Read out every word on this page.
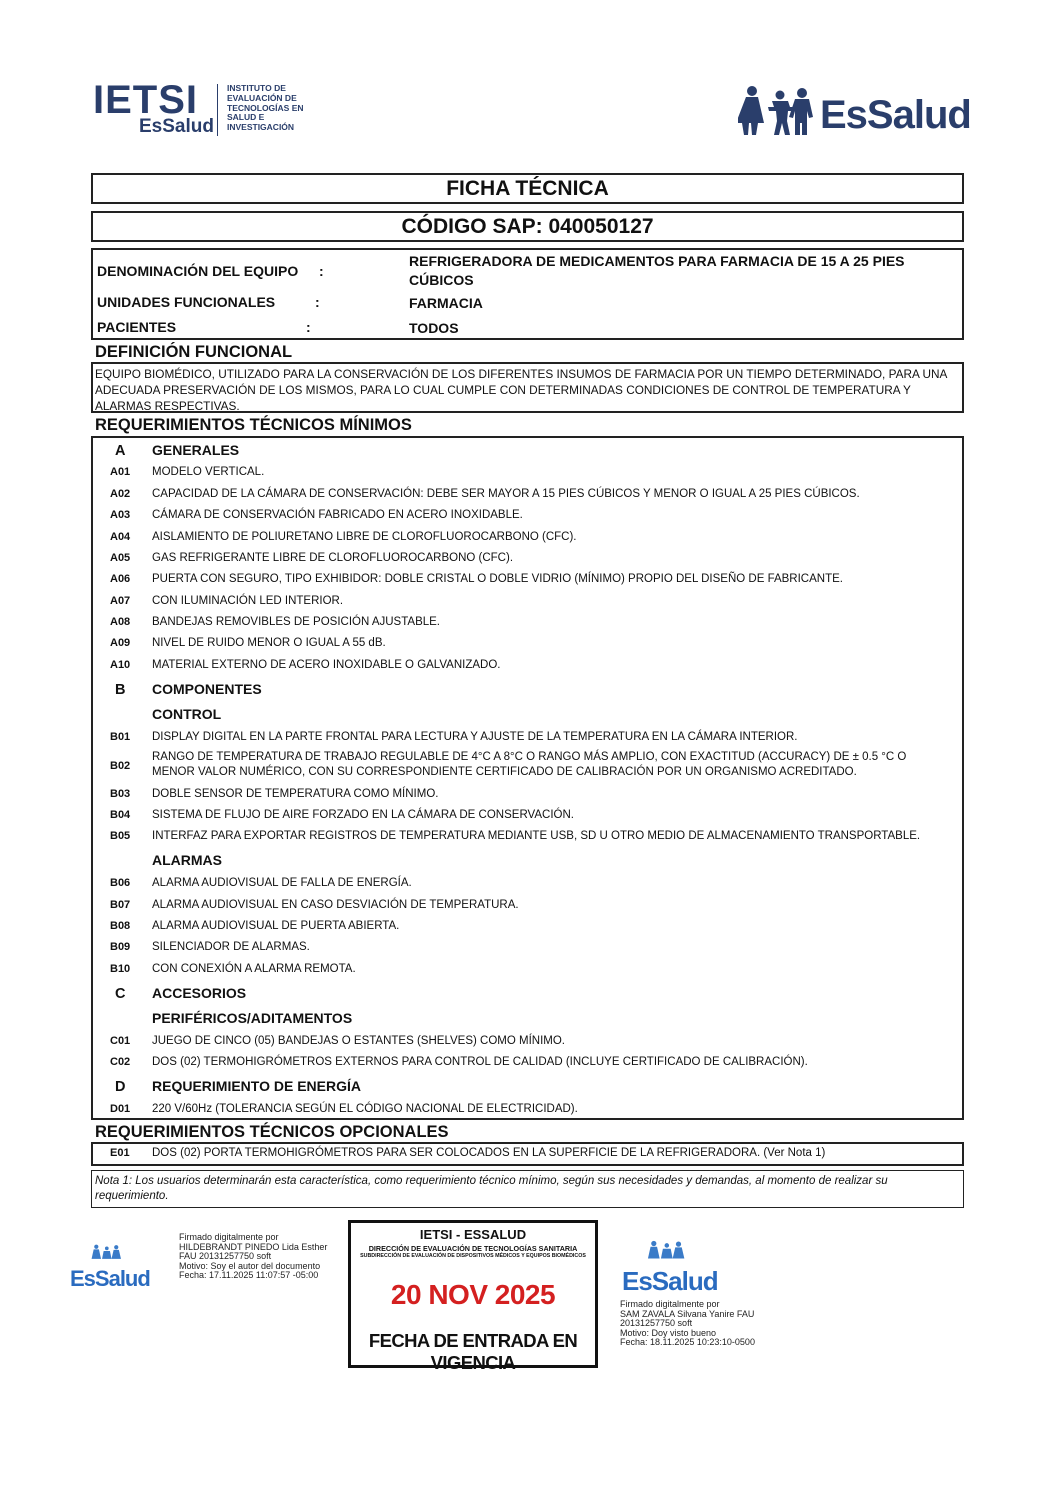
IETSI
EsSalud
INSTITUTO DE EVALUACIÓN DE TECNOLOGÍAS EN SALUD E INVESTIGACIÓN	EsSalud
FICHA TÉCNICA
CÓDIGO SAP: 040050127
DENOMINACIÓN DEL EQUIPO :
REFRIGERADORA DE MEDICAMENTOS PARA FARMACIA DE 15 A 25 PIES CÚBICOS
UNIDADES FUNCIONALES	:	FARMACIA
PACIENTES	:	TODOS
DEFINICIÓN FUNCIONAL
EQUIPO BIOMÉDICO, UTILIZADO PARA LA CONSERVACIÓN DE LOS DIFERENTES INSUMOS DE FARMACIA POR UN TIEMPO DETERMINADO, PARA UNA ADECUADA PRESERVACIÓN DE LOS MISMOS, PARA LO CUAL CUMPLE CON DETERMINADAS CONDICIONES DE CONTROL DE TEMPERATURA Y ALARMAS RESPECTIVAS.
REQUERIMIENTOS TÉCNICOS MÍNIMOS
A GENERALES
A01 MODELO VERTICAL.
A02 CAPACIDAD DE LA CÁMARA DE CONSERVACIÓN: DEBE SER MAYOR A 15 PIES CÚBICOS Y MENOR O IGUAL A 25 PIES CÚBICOS.
A03 CÁMARA DE CONSERVACIÓN FABRICADO EN ACERO INOXIDABLE.
A04 AISLAMIENTO DE POLIURETANO LIBRE DE CLOROFLUOROCARBONO (CFC).
A05 GAS REFRIGERANTE LIBRE DE CLOROFLUOROCARBONO (CFC).
A06 PUERTA CON SEGURO, TIPO EXHIBIDOR: DOBLE CRISTAL O DOBLE VIDRIO (MÍNIMO) PROPIO DEL DISEÑO DE FABRICANTE.
A07 CON ILUMINACIÓN LED INTERIOR.
A08 BANDEJAS REMOVIBLES DE POSICIÓN AJUSTABLE.
A09 NIVEL DE RUIDO MENOR O IGUAL A 55 dB.
A10 MATERIAL EXTERNO DE ACERO INOXIDABLE O GALVANIZADO.
B COMPONENTES
CONTROL
B01 DISPLAY DIGITAL EN LA PARTE FRONTAL PARA LECTURA Y AJUSTE DE LA TEMPERATURA EN LA CÁMARA INTERIOR.
B02
RANGO DE TEMPERATURA DE TRABAJO REGULABLE DE 4°C A 8°C O RANGO MÁS AMPLIO, CON EXACTITUD (ACCURACY) DE ± 0.5 °C O MENOR VALOR NUMÉRICO, CON SU CORRESPONDIENTE CERTIFICADO DE CALIBRACIÓN POR UN ORGANISMO ACREDITADO.
B03 DOBLE SENSOR DE TEMPERATURA COMO MÍNIMO.
B04 SISTEMA DE FLUJO DE AIRE FORZADO EN LA CÁMARA DE CONSERVACIÓN.
B05 INTERFAZ PARA EXPORTAR REGISTROS DE TEMPERATURA MEDIANTE USB, SD U OTRO MEDIO DE ALMACENAMIENTO TRANSPORTABLE.
ALARMAS
B06 ALARMA AUDIOVISUAL DE FALLA DE ENERGÍA.
B07 ALARMA AUDIOVISUAL EN CASO DESVIACIÓN DE TEMPERATURA.
B08 ALARMA AUDIOVISUAL DE PUERTA ABIERTA.
B09 SILENCIADOR DE ALARMAS.
B10 CON CONEXIÓN A ALARMA REMOTA.
C ACCESORIOS
PERIFÉRICOS/ADITAMENTOS
C01 JUEGO DE CINCO (05) BANDEJAS O ESTANTES (SHELVES) COMO MÍNIMO.
C02 DOS (02) TERMOHIGRÓMETROS EXTERNOS PARA CONTROL DE CALIDAD (INCLUYE CERTIFICADO DE CALIBRACIÓN).
D REQUERIMIENTO DE ENERGÍA
D01 220 V/60Hz (TOLERANCIA SEGÚN EL CÓDIGO NACIONAL DE ELECTRICIDAD).
REQUERIMIENTOS TÉCNICOS OPCIONALES
E01 DOS (02) PORTA TERMOHIGRÓMETROS PARA SER COLOCADOS EN LA SUPERFICIE DE LA REFRIGERADORA. (Ver Nota 1)
Nota 1: Los usuarios determinarán esta característica, como requerimiento técnico mínimo, según sus necesidades y demandas, al momento de realizar su requerimiento.
EsSalud
Firmado digitalmente por
HILDEBRANDT PINEDO Lida Esther
FAU 20131257750 soft
Motivo: Soy el autor del documento
Fecha: 17.11.2025 11:07:57 -05:00
IETSI - ESSALUD
DIRECCIÓN DE EVALUACIÓN DE TECNOLOGÍAS SANITARIA
SUBDIRECCIÓN DE EVALUACIÓN DE DISPOSITIVOS MÉDICOS Y EQUIPOS BIOMÉDICOS
20 NOV 2025
FECHA DE ENTRADA EN VIGENCIA
EsSalud
Firmado digitalmente por
SAM ZAVALA Silvana Yanire FAU
20131257750 soft
Motivo: Doy visto bueno
Fecha: 18.11.2025 10:23:10-0500
